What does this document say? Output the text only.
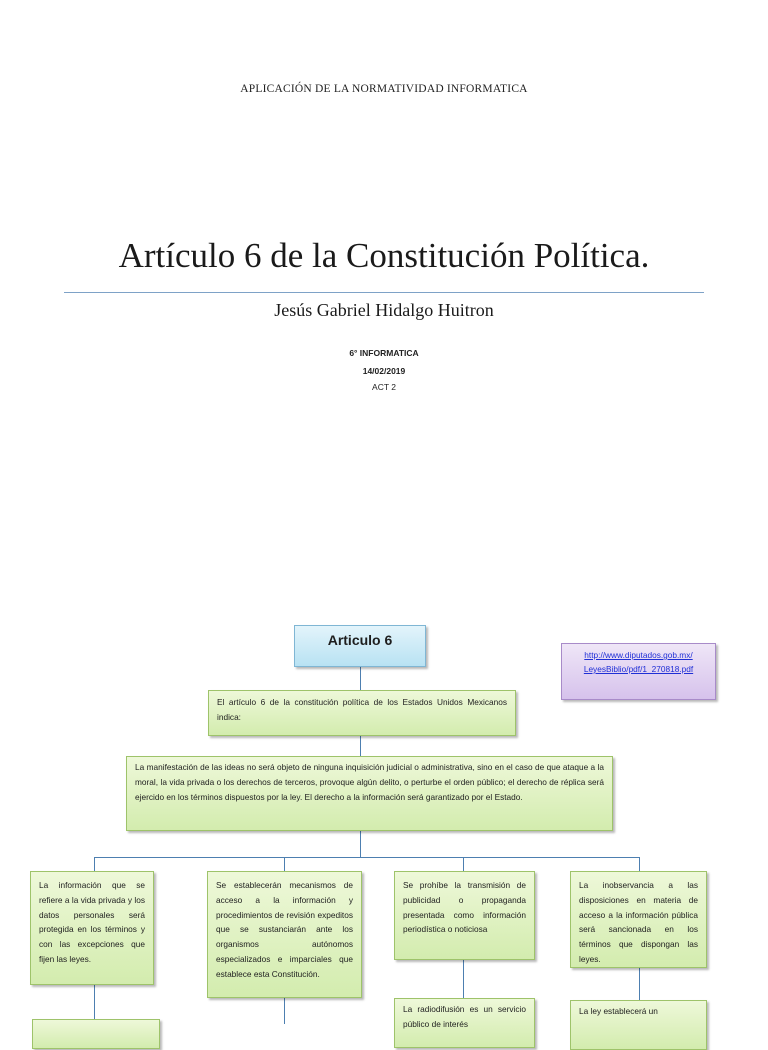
APLICACIÓN DE LA NORMATIVIDAD INFORMATICA
Artículo 6 de la Constitución Política.
Jesús Gabriel Hidalgo Huitron
6° INFORMATICA
14/02/2019
ACT 2
Articulo 6
http://www.diputados.gob.mx/
LeyesBiblio/pdf/1_270818.pdf
El artículo 6 de la constitución política de los Estados Unidos Mexicanos indica:
La manifestación de las ideas no será objeto de ninguna inquisición judicial o administrativa, sino en el caso de que ataque a la moral, la vida privada o los derechos de terceros, provoque algún delito, o perturbe el orden público; el derecho de réplica será ejercido en los términos dispuestos por la ley. El derecho a la información será garantizado por el Estado.
La información que se refiere a la vida privada y los datos personales será protegida en los términos y con las excepciones que fijen las leyes.
Se establecerán mecanismos de acceso a la información y procedimientos de revisión expeditos que se sustanciarán ante los organismos autónomos especializados e imparciales que establece esta Constitución.
Se prohíbe la transmisión de publicidad o propaganda presentada como información periodística o noticiosa
La inobservancia a las disposiciones en materia de acceso a la información pública será sancionada en los términos que dispongan las leyes.
La radiodifusión es un servicio público de interés
La ley establecerá un
